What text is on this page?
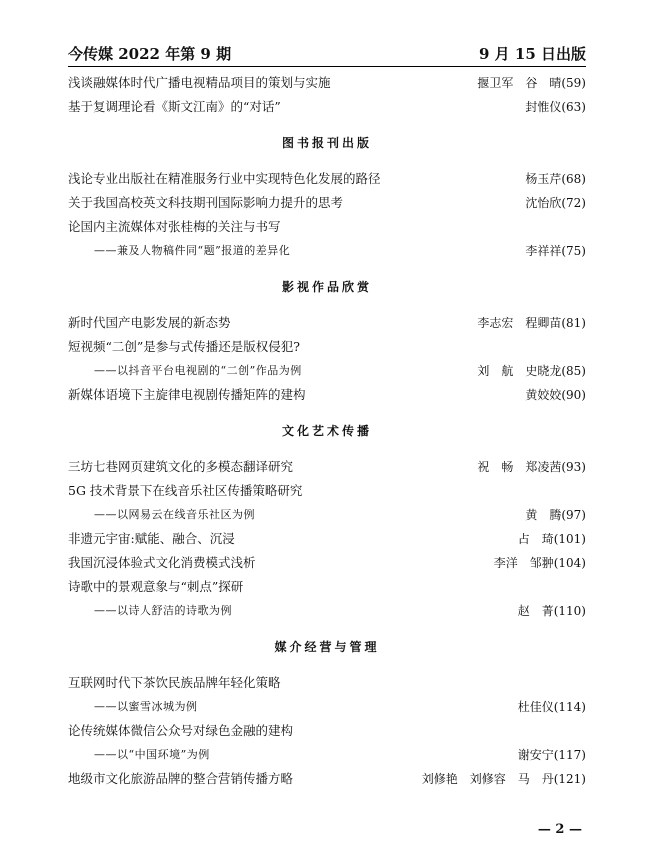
今传媒 2022 年第 9 期	9 月 15 日出版
浅谈融媒体时代广播电视精品项目的策划与实施	揠卫军　谷　晴(59)
基于复调理论看《斯文江南》的“对话”	封惟仪(63)
图书报刊出版
浅论专业出版社在精准服务行业中实现特色化发展的路径	杨玉芹(68)
关于我国高校英文科技期刊国际影响力提升的思考	沈怡欣(72)
论国内主流媒体对张桂梅的关注与书写
——兼及人物稿件同“题”报道的差异化	李祥祥(75)
影视作品欣赏
新时代国产电影发展的新态势	李志宏　程卿苗(81)
短视频“二创”是参与式传播还是版权侵犯?
——以抖音平台电视剧的“二创”作品为例	刘　航　史晓龙(85)
新媒体语境下主旋律电视剧传播矩阵的建构	黄姣姣(90)
文化艺术传播
三坊七巷网页建筑文化的多模态翻译研究	祝　畅　郑凌茜(93)
5G 技术背景下在线音乐社区传播策略研究
——以网易云在线音乐社区为例	黄　腾(97)
非遗元宇宙:赋能、融合、沉浸	占　琦(101)
我国沉浸体验式文化消费模式浅析	李洋　邹翀(104)
诗歌中的景观意象与“刺点”探研
——以诗人舒洁的诗歌为例	赵　菁(110)
媒介经营与管理
互联网时代下茶饮民族品牌年轻化策略
——以蜜雪冰城为例	杜佳仪(114)
论传统媒体微信公众号对绿色金融的建构
——以“中国环境”为例	谢安宁(117)
地级市文化旅游品牌的整合营销传播方略	刘修艳　刘修容　马　丹(121)
— 2 —
